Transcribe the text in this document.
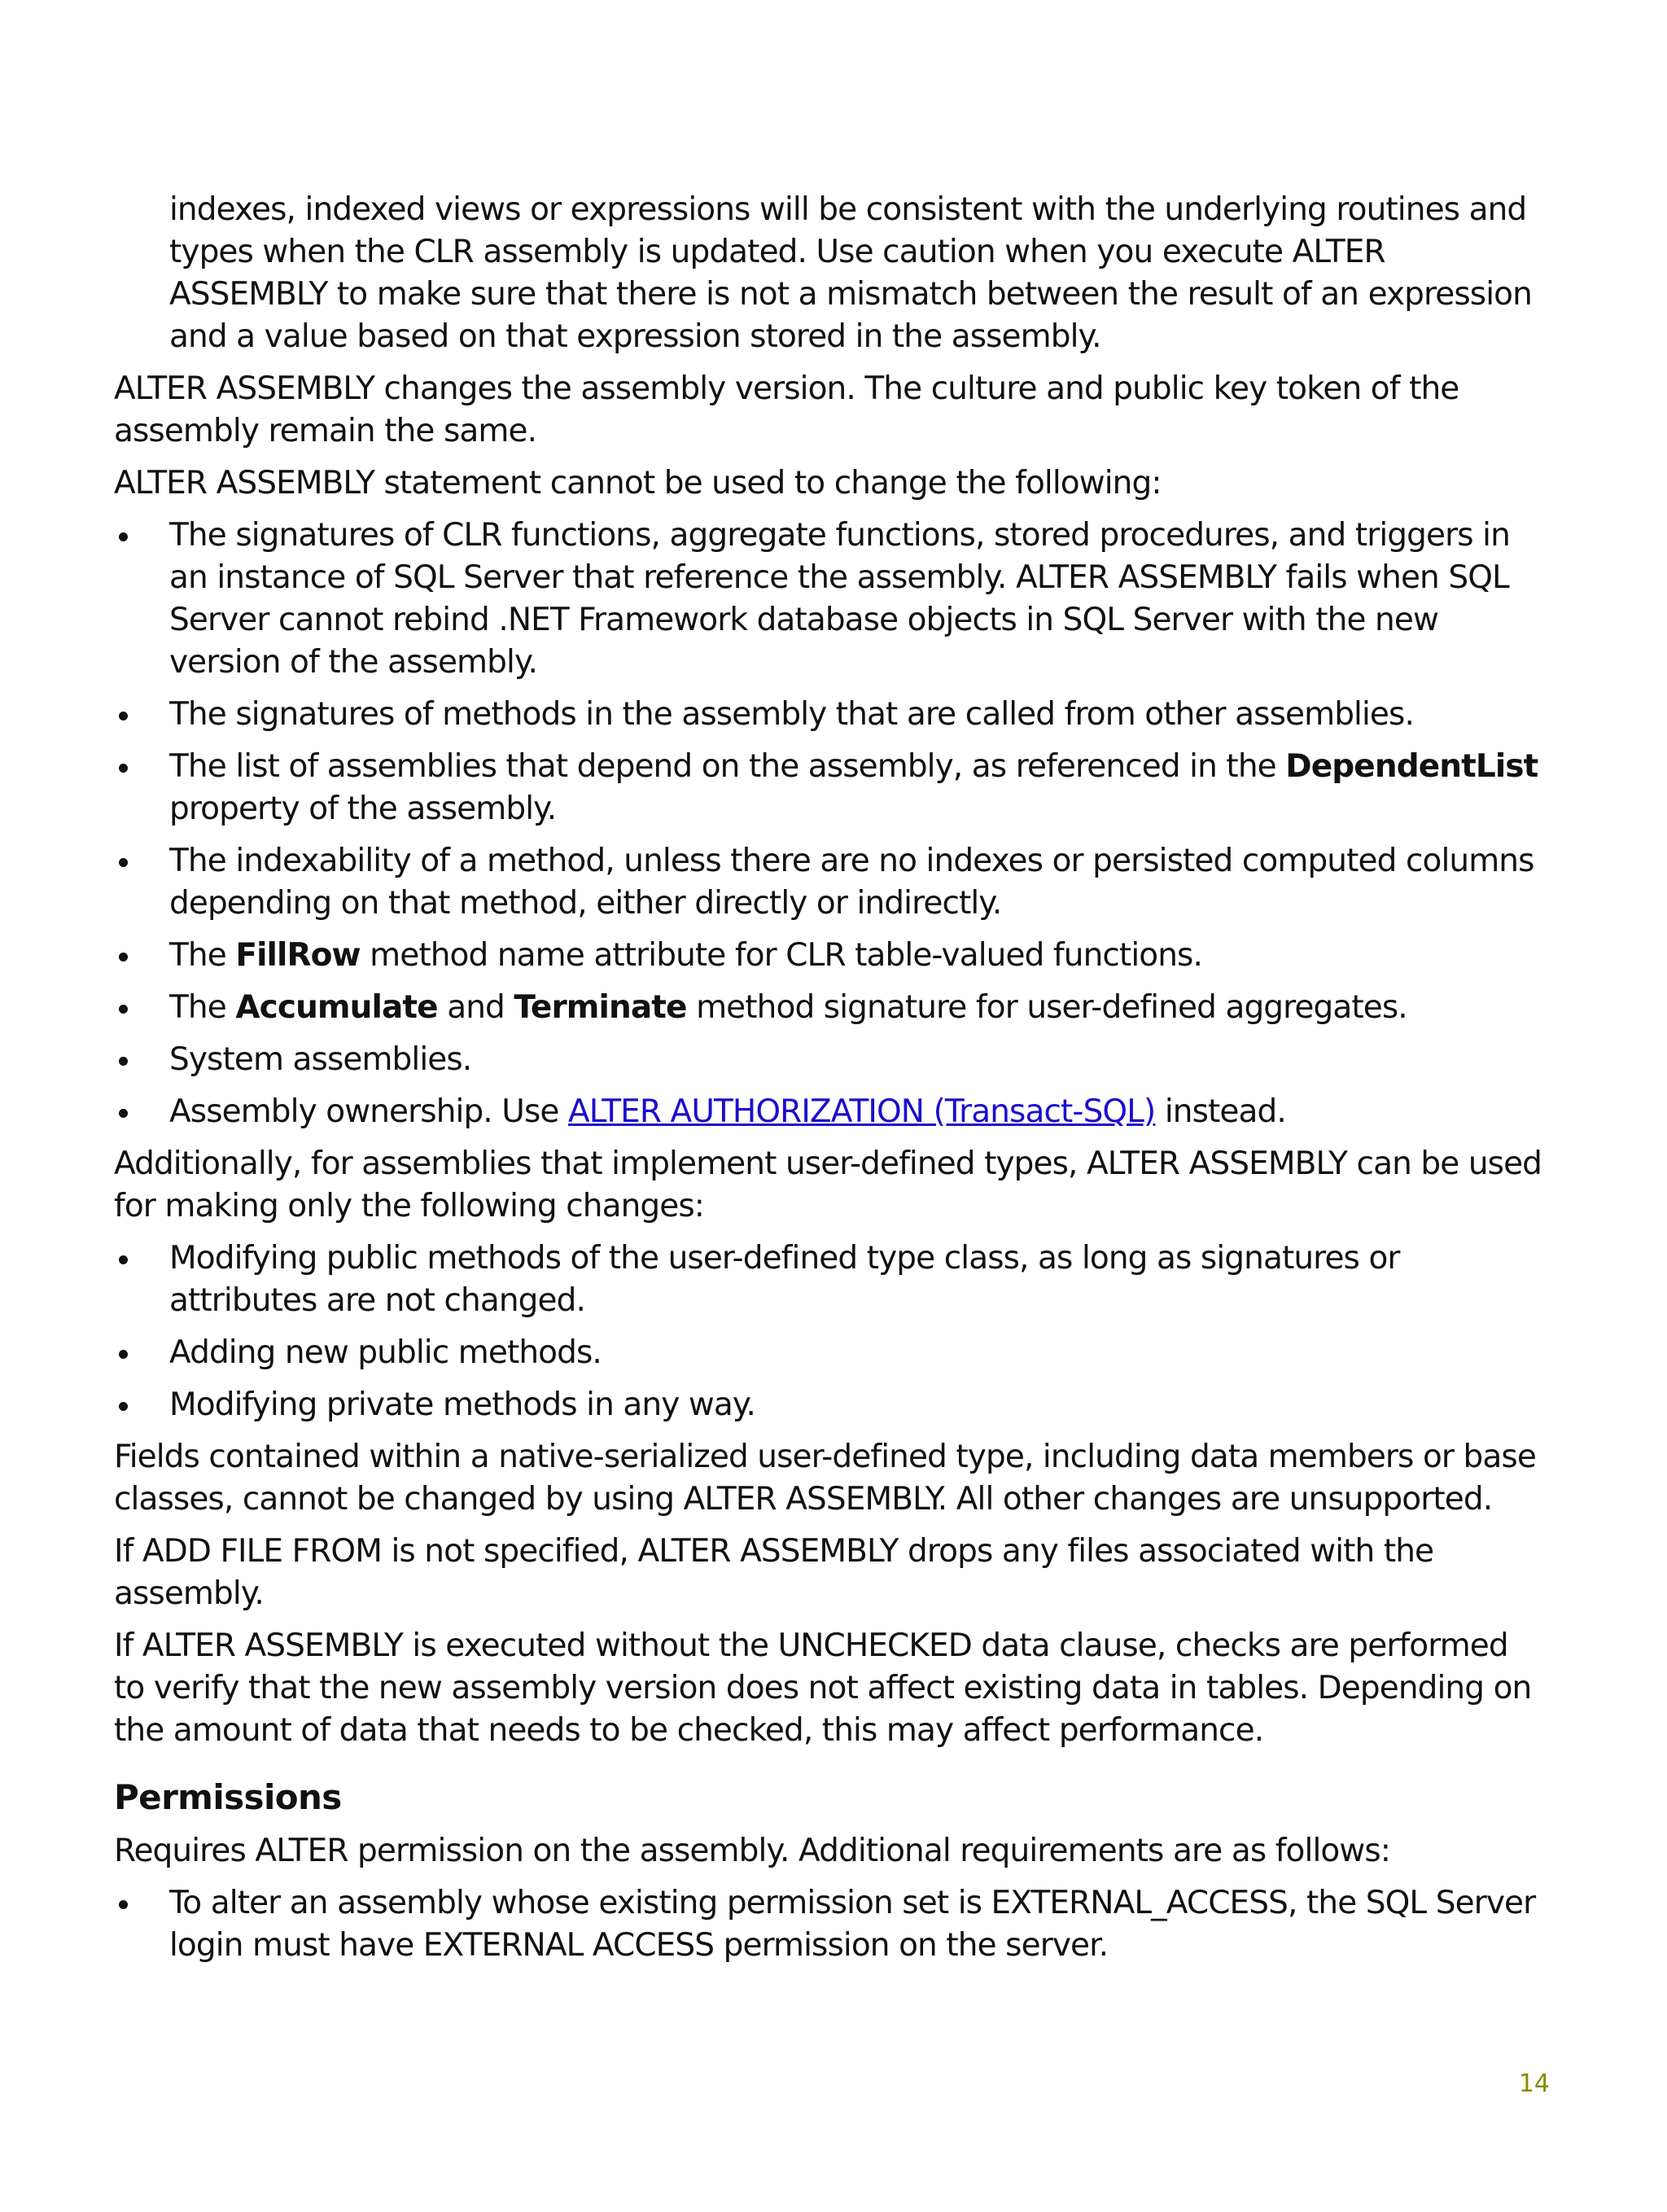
indexes, indexed views or expressions will be consistent with the underlying routines and types when the CLR assembly is updated. Use caution when you execute ALTER ASSEMBLY to make sure that there is not a mismatch between the result of an expression and a value based on that expression stored in the assembly.

ALTER ASSEMBLY changes the assembly version. The culture and public key token of the assembly remain the same.

ALTER ASSEMBLY statement cannot be used to change the following:

The signatures of CLR functions, aggregate functions, stored procedures, and triggers in an instance of SQL Server that reference the assembly. ALTER ASSEMBLY fails when SQL Server cannot rebind .NET Framework database objects in SQL Server with the new version of the assembly.
The signatures of methods in the assembly that are called from other assemblies.
The list of assemblies that depend on the assembly, as referenced in the DependentList property of the assembly.
The indexability of a method, unless there are no indexes or persisted computed columns depending on that method, either directly or indirectly.
The FillRow method name attribute for CLR table-valued functions.
The Accumulate and Terminate method signature for user-defined aggregates.
System assemblies.
Assembly ownership. Use ALTER AUTHORIZATION (Transact-SQL) instead.

Additionally, for assemblies that implement user-defined types, ALTER ASSEMBLY can be used for making only the following changes:

Modifying public methods of the user-defined type class, as long as signatures or attributes are not changed.
Adding new public methods.
Modifying private methods in any way.

Fields contained within a native-serialized user-defined type, including data members or base classes, cannot be changed by using ALTER ASSEMBLY. All other changes are unsupported.

If ADD FILE FROM is not specified, ALTER ASSEMBLY drops any files associated with the assembly.

If ALTER ASSEMBLY is executed without the UNCHECKED data clause, checks are performed to verify that the new assembly version does not affect existing data in tables. Depending on the amount of data that needs to be checked, this may affect performance.

Permissions

Requires ALTER permission on the assembly. Additional requirements are as follows:

To alter an assembly whose existing permission set is EXTERNAL_ACCESS, the SQL Server login must have EXTERNAL ACCESS permission on the server.
14
